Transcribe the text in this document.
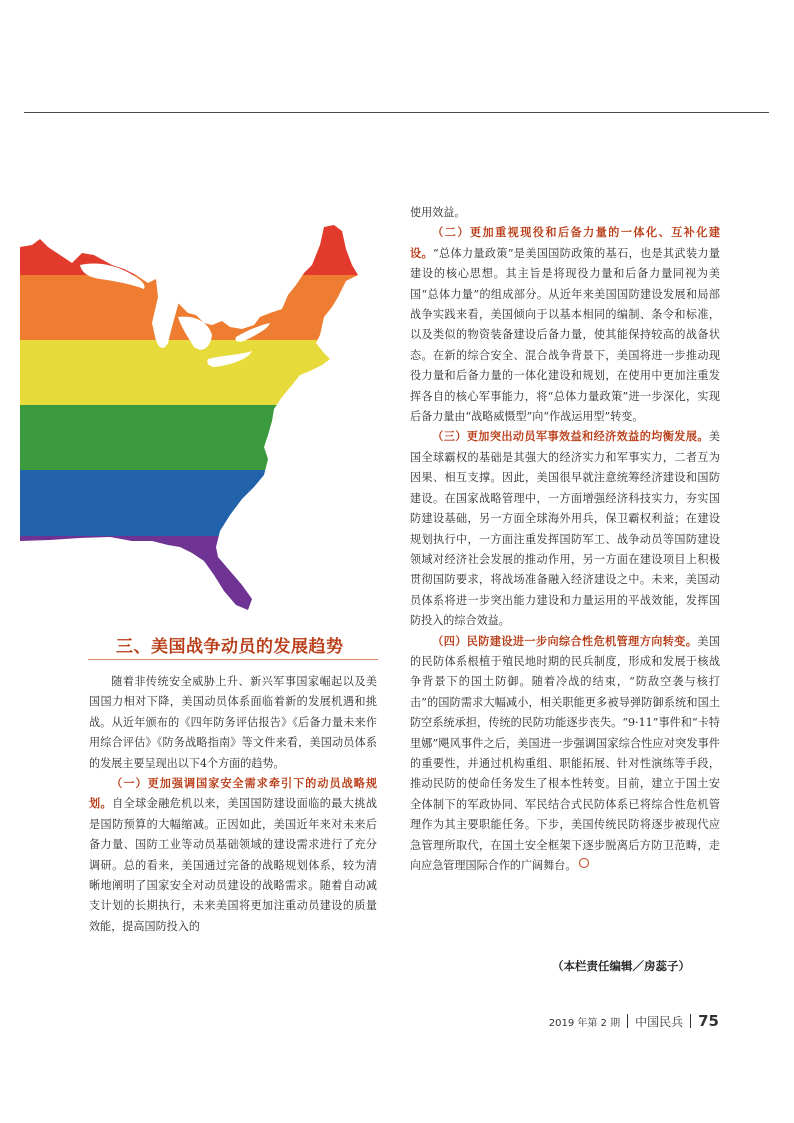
三、美国战争动员的发展趋势

随着非传统安全威胁上升、新兴军事国家崛起以及美国国力相对下降，美国动员体系面临着新的发展机遇和挑战。从近年颁布的《四年防务评估报告》《后备力量未来作用综合评估》《防务战略指南》等文件来看，美国动员体系的发展主要呈现出以下4个方面的趋势。

（一）更加强调国家安全需求牵引下的动员战略规划。自全球金融危机以来，美国国防建设面临的最大挑战是国防预算的大幅缩减。正因如此，美国近年来对未来后备力量、国防工业等动员基础领域的建设需求进行了充分调研。总的看来，美国通过完备的战略规划体系，较为清晰地阐明了国家安全对动员建设的战略需求。随着自动减支计划的长期执行，未来美国将更加注重动员建设的质量效能，提高国防投入的

使用效益。

（二）更加重视现役和后备力量的一体化、互补化建设。“总体力量政策”是美国国防政策的基石，也是其武装力量建设的核心思想。其主旨是将现役力量和后备力量同视为美国“总体力量”的组成部分。从近年来美国国防建设发展和局部战争实践来看，美国倾向于以基本相同的编制、条令和标准，以及类似的物资装备建设后备力量，使其能保持较高的战备状态。在新的综合安全、混合战争背景下，美国将进一步推动现役力量和后备力量的一体化建设和规划，在使用中更加注重发挥各自的核心军事能力，将“总体力量政策”进一步深化，实现后备力量由“战略威慑型”向“作战运用型”转变。

（三）更加突出动员军事效益和经济效益的均衡发展。美国全球霸权的基础是其强大的经济实力和军事实力，二者互为因果、相互支撑。因此，美国很早就注意统筹经济建设和国防建设。在国家战略管理中，一方面增强经济科技实力，夯实国防建设基础，另一方面全球海外用兵，保卫霸权利益；在建设规划执行中，一方面注重发挥国防军工、战争动员等国防建设领域对经济社会发展的推动作用，另一方面在建设项目上积极贯彻国防要求，将战场准备融入经济建设之中。未来，美国动员体系将进一步突出能力建设和力量运用的平战效能，发挥国防投入的综合效益。

（四）民防建设进一步向综合性危机管理方向转变。美国的民防体系根植于殖民地时期的民兵制度，形成和发展于核战争背景下的国土防御。随着冷战的结束，“防敌空袭与核打击”的国防需求大幅减小，相关职能更多被导弹防御系统和国土防空系统承担，传统的民防功能逐步丧失。“9·11”事件和“卡特里娜”飓风事件之后，美国进一步强调国家综合性应对突发事件的重要性，并通过机构重组、职能拓展、针对性演练等手段，推动民防的使命任务发生了根本性转变。目前，建立于国土安全体制下的军政协同、军民结合式民防体系已将综合性危机管理作为其主要职能任务。下步，美国传统民防将逐步被现代应急管理所取代，在国土安全框架下逐步脱离后方防卫范畴，走向应急管理国际合作的广阔舞台。

（本栏责任编辑／房蕊子）

2019 年第 2 期 中国民兵 75
